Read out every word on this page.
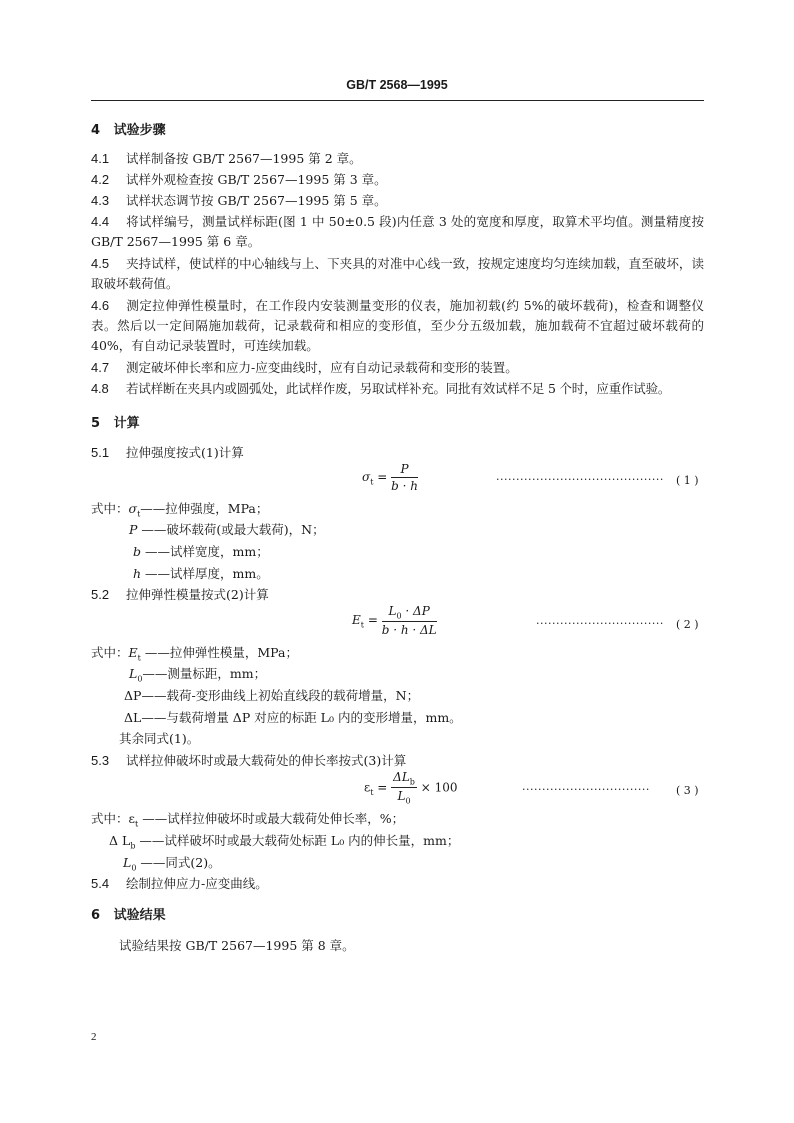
GB/T 2568—1995
4 试验步骤
4.1 试样制备按 GB/T 2567—1995 第 2 章。
4.2 试样外观检查按 GB/T 2567—1995 第 3 章。
4.3 试样状态调节按 GB/T 2567—1995 第 5 章。
4.4 将试样编号，测量试样标距(图 1 中 50±0.5 段)内任意 3 处的宽度和厚度，取算术平均值。测量精度按 GB/T 2567—1995 第 6 章。
4.5 夹持试样，使试样的中心轴线与上、下夹具的对准中心线一致，按规定速度均匀连续加载，直至破坏，读取破坏载荷值。
4.6 测定拉伸弹性模量时，在工作段内安装测量变形的仪表，施加初载(约 5%的破坏载荷)，检查和调整仪表。然后以一定间隔施加载荷，记录载荷和相应的变形值，至少分五级加载，施加载荷不宜超过破坏载荷的 40%，有自动记录装置时，可连续加载。
4.7 测定破坏伸长率和应力-应变曲线时，应有自动记录载荷和变形的装置。
4.8 若试样断在夹具内或圆弧处，此试样作废，另取试样补充。同批有效试样不足 5 个时，应重作试验。
5 计算
5.1 拉伸强度按式(1)计算
$\sigma_t = \frac{P}{b \cdot h}$	·········································· ( 1 )
式中：$\sigma_t——$拉伸强度，MPa；
P ——破坏载荷(或最大载荷)，N；
b ——试样宽度，mm；
h ——试样厚度，mm。
5.2 拉伸弹性模量按式(2)计算
$E_t = \frac{L_0 \cdot \Delta P}{b \cdot h \cdot \Delta L}$	································ ( 2 )
式中：$E_t$ ——拉伸弹性模量，MPa；
$L_0——$测量标距，mm；
ΔP——载荷-变形曲线上初始直线段的载荷增量，N；
ΔL——与载荷增量 ΔP 对应的标距 L₀ 内的变形增量，mm。
其余同式(1)。
5.3 试样拉伸破坏时或最大载荷处的伸长率按式(3)计算
$\varepsilon_t = \frac{\Delta L_b}{L_0} \times 100$	································ ( 3 )
式中：$\varepsilon_t$ ——试样拉伸破坏时或最大载荷处伸长率，%；
Δ $L_b$ ——试样破坏时或最大载荷处标距 L₀ 内的伸长量，mm；
$L_0$ ——同式(2)。
5.4 绘制拉伸应力-应变曲线。
6 试验结果
试验结果按 GB/T 2567—1995 第 8 章。
2
